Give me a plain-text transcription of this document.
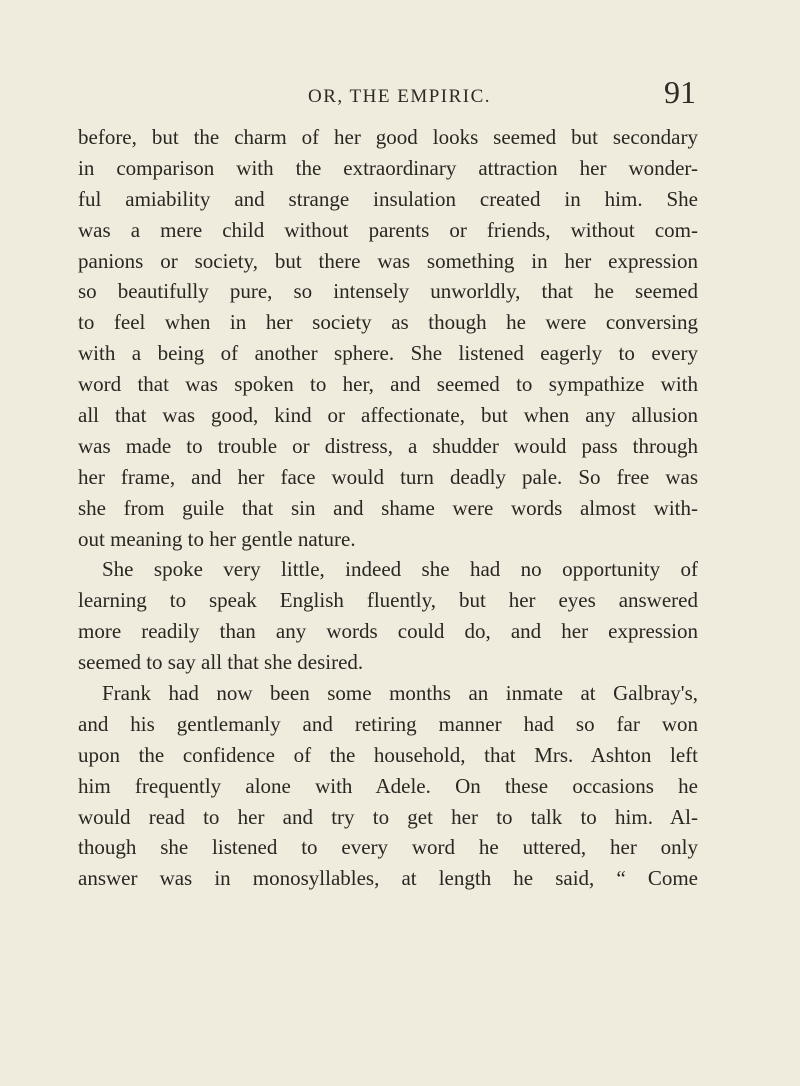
OR, THE EMPIRIC.	91
before, but the charm of her good looks seemed but secondary
in comparison with the extraordinary attraction her wonder-
ful amiability and strange insulation created in him. She
was a mere child without parents or friends, without com-
panions or society, but there was something in her expression
so beautifully pure, so intensely unworldly, that he seemed
to feel when in her society as though he were conversing
with a being of another sphere. She listened eagerly to every
word that was spoken to her, and seemed to sympathize with
all that was good, kind or affectionate, but when any allusion
was made to trouble or distress, a shudder would pass through
her frame, and her face would turn deadly pale. So free was
she from guile that sin and shame were words almost with-
out meaning to her gentle nature.
She spoke very little, indeed she had no opportunity of
learning to speak English fluently, but her eyes answered
more readily than any words could do, and her expression
seemed to say all that she desired.
Frank had now been some months an inmate at Galbray's,
and his gentlemanly and retiring manner had so far won
upon the confidence of the household, that Mrs. Ashton left
him frequently alone with Adele. On these occasions he
would read to her and try to get her to talk to him. Al-
though she listened to every word he uttered, her only
answer was in monosyllables, at length he said, “ Come
